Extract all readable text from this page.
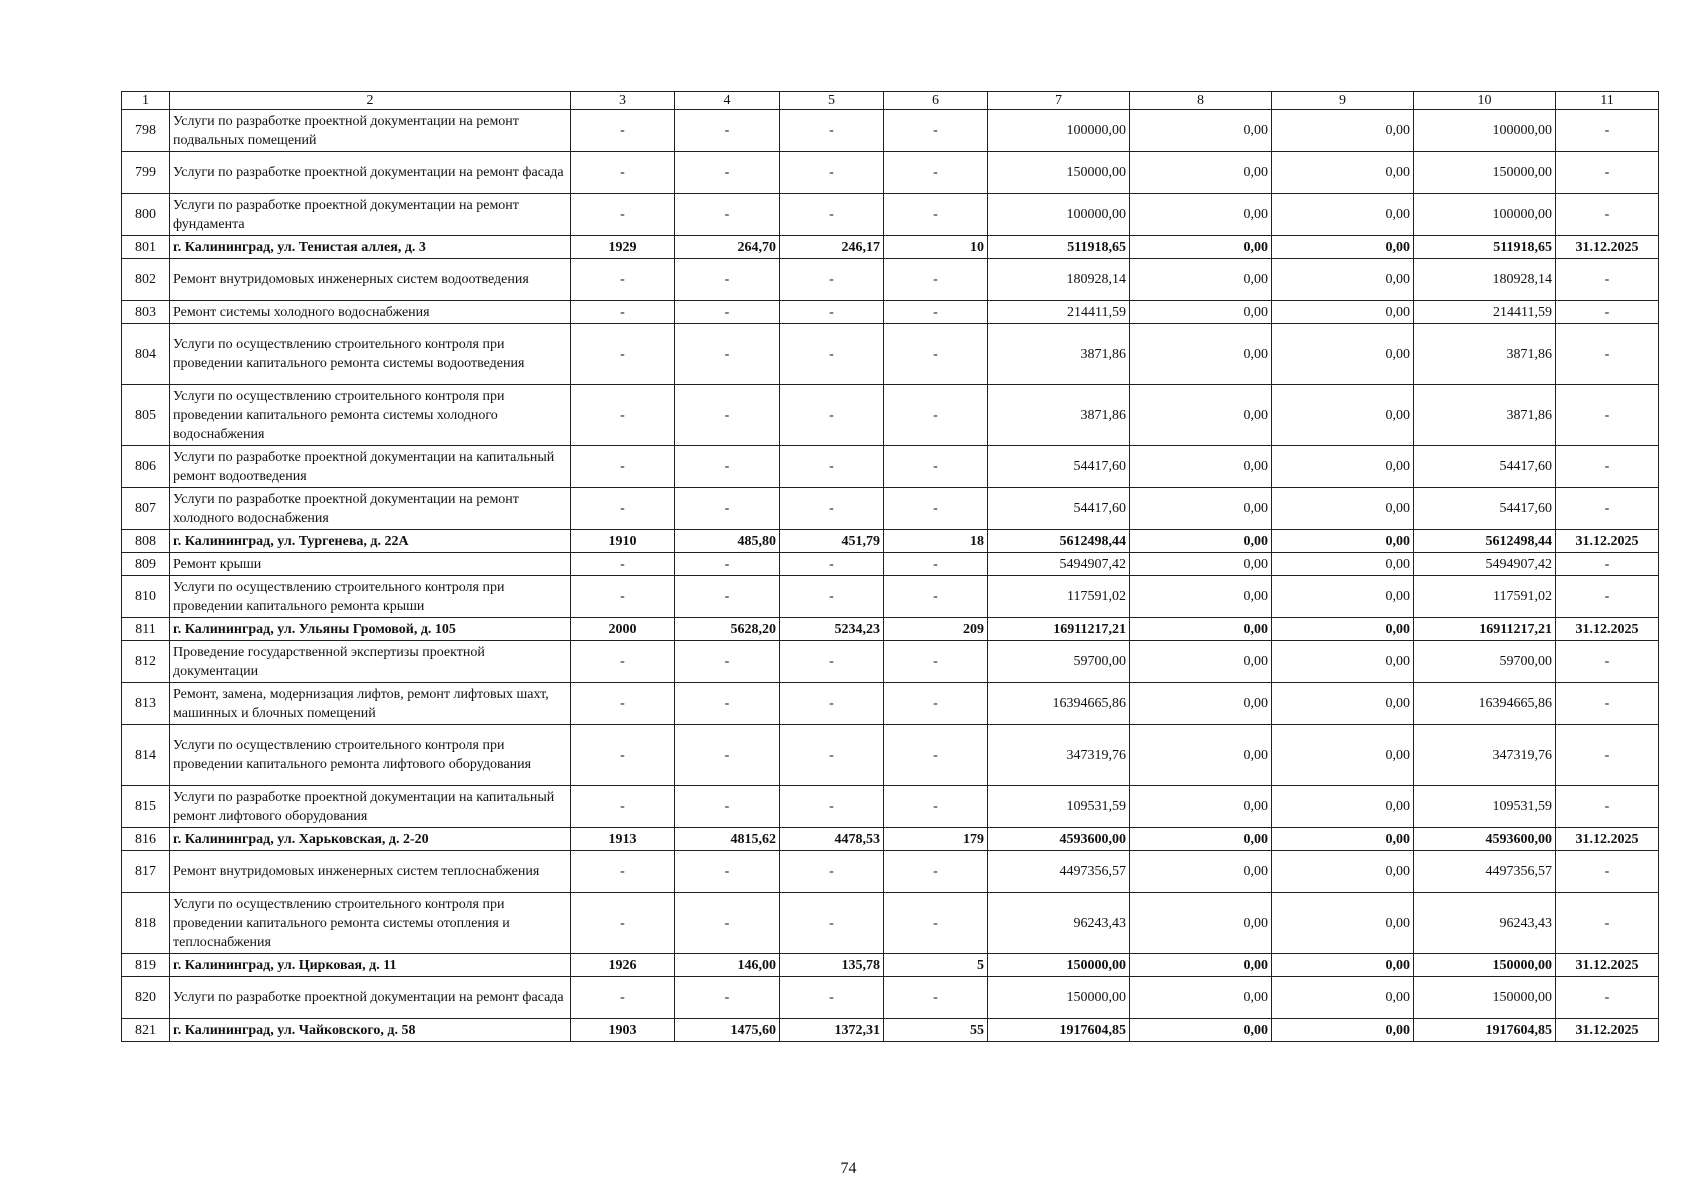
1	2	3	4	5	6	7	8	9	10	11
798	Услуги по разработке проектной документации на ремонт подвальных помещений	-	-	-	-	100000,00	0,00	0,00	100000,00	-
799	Услуги по разработке проектной документации на ремонт фасада	-	-	-	-	150000,00	0,00	0,00	150000,00	-
800	Услуги по разработке проектной документации на ремонт фундамента	-	-	-	-	100000,00	0,00	0,00	100000,00	-
801	г. Калининград, ул. Тенистая аллея, д. 3	1929	264,70	246,17	10	511918,65	0,00	0,00	511918,65	31.12.2025
802	Ремонт внутридомовых инженерных систем водоотведения	-	-	-	-	180928,14	0,00	0,00	180928,14	-
803	Ремонт системы холодного водоснабжения	-	-	-	-	214411,59	0,00	0,00	214411,59	-
804	Услуги по осуществлению строительного контроля при проведении капитального ремонта системы водоотведения	-	-	-	-	3871,86	0,00	0,00	3871,86	-
805	Услуги по осуществлению строительного контроля при проведении капитального ремонта системы холодного водоснабжения	-	-	-	-	3871,86	0,00	0,00	3871,86	-
806	Услуги по разработке проектной документации на капитальный ремонт водоотведения	-	-	-	-	54417,60	0,00	0,00	54417,60	-
807	Услуги по разработке проектной документации на ремонт холодного водоснабжения	-	-	-	-	54417,60	0,00	0,00	54417,60	-
808	г. Калининград, ул. Тургенева, д. 22А	1910	485,80	451,79	18	5612498,44	0,00	0,00	5612498,44	31.12.2025
809	Ремонт крыши	-	-	-	-	5494907,42	0,00	0,00	5494907,42	-
810	Услуги по осуществлению строительного контроля при проведении капитального ремонта крыши	-	-	-	-	117591,02	0,00	0,00	117591,02	-
811	г. Калининград, ул. Ульяны Громовой, д. 105	2000	5628,20	5234,23	209	16911217,21	0,00	0,00	16911217,21	31.12.2025
812	Проведение государственной экспертизы проектной документации	-	-	-	-	59700,00	0,00	0,00	59700,00	-
813	Ремонт, замена, модернизация лифтов, ремонт лифтовых шахт, машинных и блочных помещений	-	-	-	-	16394665,86	0,00	0,00	16394665,86	-
814	Услуги по осуществлению строительного контроля при проведении капитального ремонта лифтового оборудования	-	-	-	-	347319,76	0,00	0,00	347319,76	-
815	Услуги по разработке проектной документации на капитальный ремонт лифтового оборудования	-	-	-	-	109531,59	0,00	0,00	109531,59	-
816	г. Калининград, ул. Харьковская, д. 2-20	1913	4815,62	4478,53	179	4593600,00	0,00	0,00	4593600,00	31.12.2025
817	Ремонт внутридомовых инженерных систем теплоснабжения	-	-	-	-	4497356,57	0,00	0,00	4497356,57	-
818	Услуги по осуществлению строительного контроля при проведении капитального ремонта системы отопления и теплоснабжения	-	-	-	-	96243,43	0,00	0,00	96243,43	-
819	г. Калининград, ул. Цирковая, д. 11	1926	146,00	135,78	5	150000,00	0,00	0,00	150000,00	31.12.2025
820	Услуги по разработке проектной документации на ремонт фасада	-	-	-	-	150000,00	0,00	0,00	150000,00	-
821	г. Калининград, ул. Чайковского, д. 58	1903	1475,60	1372,31	55	1917604,85	0,00	0,00	1917604,85	31.12.2025
74
